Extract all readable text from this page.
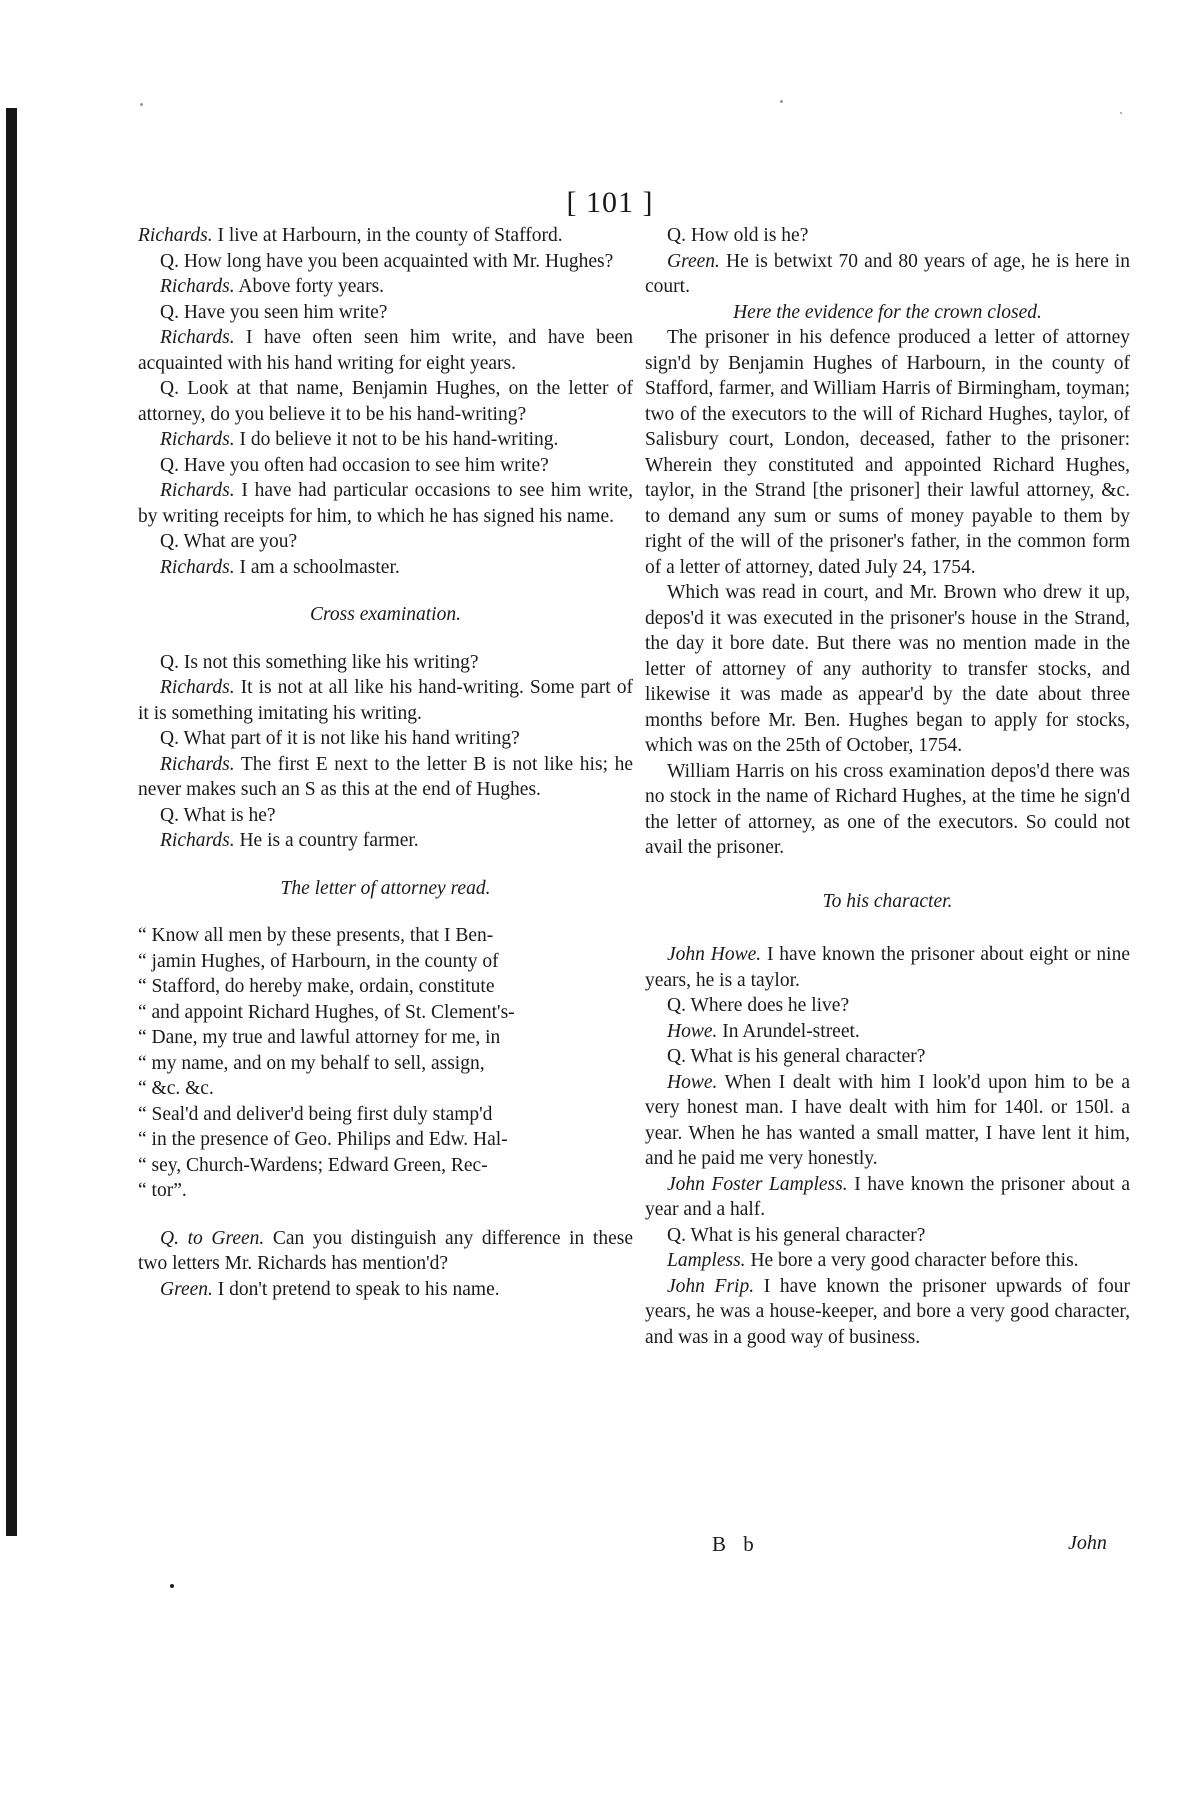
[ 101 ]

Richards. I live at Harbourn, in the county of Stafford.

Q. How long have you been acquainted with Mr. Hughes?

Richards. Above forty years.

Q. Have you seen him write?

Richards. I have often seen him write, and have been acquainted with his hand writing for eight years.

Q. Look at that name, Benjamin Hughes, on the letter of attorney, do you believe it to be his hand-writing?

Richards. I do believe it not to be his hand-writing.

Q. Have you often had occasion to see him write?

Richards. I have had particular occasions to see him write, by writing receipts for him, to which he has signed his name.

Q. What are you?

Richards. I am a schoolmaster.

Cross examination.

Q. Is not this something like his writing?

Richards. It is not at all like his hand-writing. Some part of it is something imitating his writing.

Q. What part of it is not like his hand writing?

Richards. The first E next to the letter B is not like his; he never makes such an S as this at the end of Hughes.

Q. What is he?

Richards. He is a country farmer.

The letter of attorney read.

“ Know all men by these presents, that I Ben-

“ jamin Hughes, of Harbourn, in the county of

“ Stafford, do hereby make, ordain, constitute

“ and appoint Richard Hughes, of St. Clement's-

“ Dane, my true and lawful attorney for me, in

“ my name, and on my behalf to sell, assign,

“ &c. &c.

“ Seal'd and deliver'd being first duly stamp'd

“ in the presence of Geo. Philips and Edw. Hal-

“ sey, Church-Wardens; Edward Green, Rec-

“ tor”.

Q. to Green. Can you distinguish any difference in these two letters Mr. Richards has mention'd?

Green. I don't pretend to speak to his name.

Q. How old is he?

Green. He is betwixt 70 and 80 years of age, he is here in court.

Here the evidence for the crown closed.

The prisoner in his defence produced a letter of attorney sign'd by Benjamin Hughes of Harbourn, in the county of Stafford, farmer, and William Harris of Birmingham, toyman; two of the executors to the will of Richard Hughes, taylor, of Salisbury court, London, deceased, father to the prisoner: Wherein they constituted and appointed Richard Hughes, taylor, in the Strand [the prisoner] their lawful attorney, &c. to demand any sum or sums of money payable to them by right of the will of the prisoner's father, in the common form of a letter of attorney, dated July 24, 1754.

Which was read in court, and Mr. Brown who drew it up, depos'd it was executed in the prisoner's house in the Strand, the day it bore date. But there was no mention made in the letter of attorney of any authority to transfer stocks, and likewise it was made as appear'd by the date about three months before Mr. Ben. Hughes began to apply for stocks, which was on the 25th of October, 1754.

William Harris on his cross examination depos'd there was no stock in the name of Richard Hughes, at the time he sign'd the letter of attorney, as one of the executors. So could not avail the prisoner.

To his character.

John Howe. I have known the prisoner about eight or nine years, he is a taylor.

Q. Where does he live?

Howe. In Arundel-street.

Q. What is his general character?

Howe. When I dealt with him I look'd upon him to be a very honest man. I have dealt with him for 140l. or 150l. a year. When he has wanted a small matter, I have lent it him, and he paid me very honestly.

John Foster Lampless. I have known the prisoner about a year and a half.

Q. What is his general character?

Lampless. He bore a very good character before this.

John Frip. I have known the prisoner upwards of four years, he was a house-keeper, and bore a very good character, and was in a good way of business.

B b	John
